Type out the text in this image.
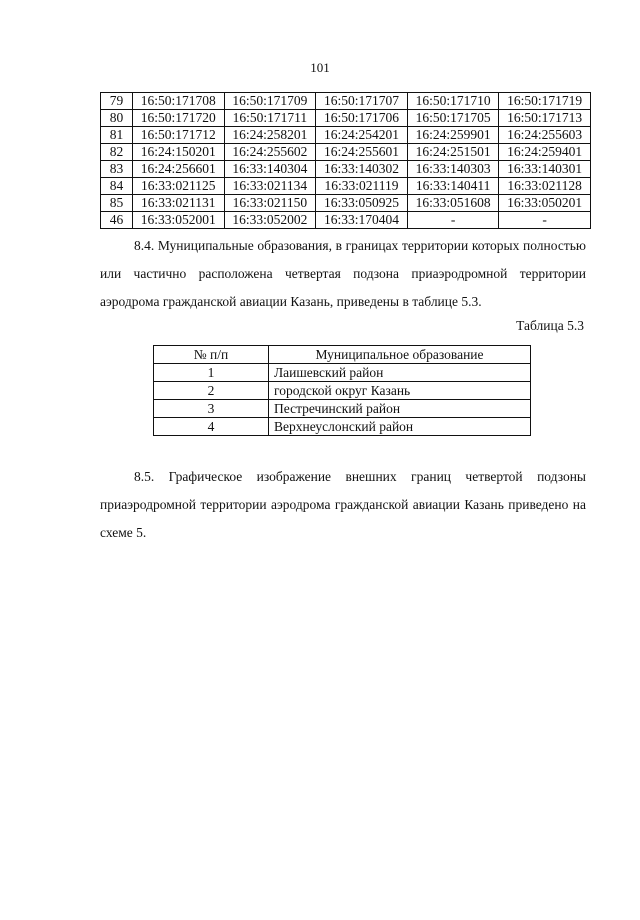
101
79	16:50:171708	16:50:171709	16:50:171707	16:50:171710	16:50:171719
80	16:50:171720	16:50:171711	16:50:171706	16:50:171705	16:50:171713
81	16:50:171712	16:24:258201	16:24:254201	16:24:259901	16:24:255603
82	16:24:150201	16:24:255602	16:24:255601	16:24:251501	16:24:259401
83	16:24:256601	16:33:140304	16:33:140302	16:33:140303	16:33:140301
84	16:33:021125	16:33:021134	16:33:021119	16:33:140411	16:33:021128
85	16:33:021131	16:33:021150	16:33:050925	16:33:051608	16:33:050201
46	16:33:052001	16:33:052002	16:33:170404	-	-

8.4. Муниципальные образования, в границах территории которых полностью или частично расположена четвертая подзона приаэродромной территории аэродрома гражданской авиации Казань, приведены в таблице 5.3.

Таблица 5.3
№ п/п	Муниципальное образование
1	Лаишевский район
2	городской округ Казань
3	Пестречинский район
4	Верхнеуслонский район

8.5. Графическое изображение внешних границ четвертой подзоны приаэродромной территории аэродрома гражданской авиации Казань приведено на схеме 5.
